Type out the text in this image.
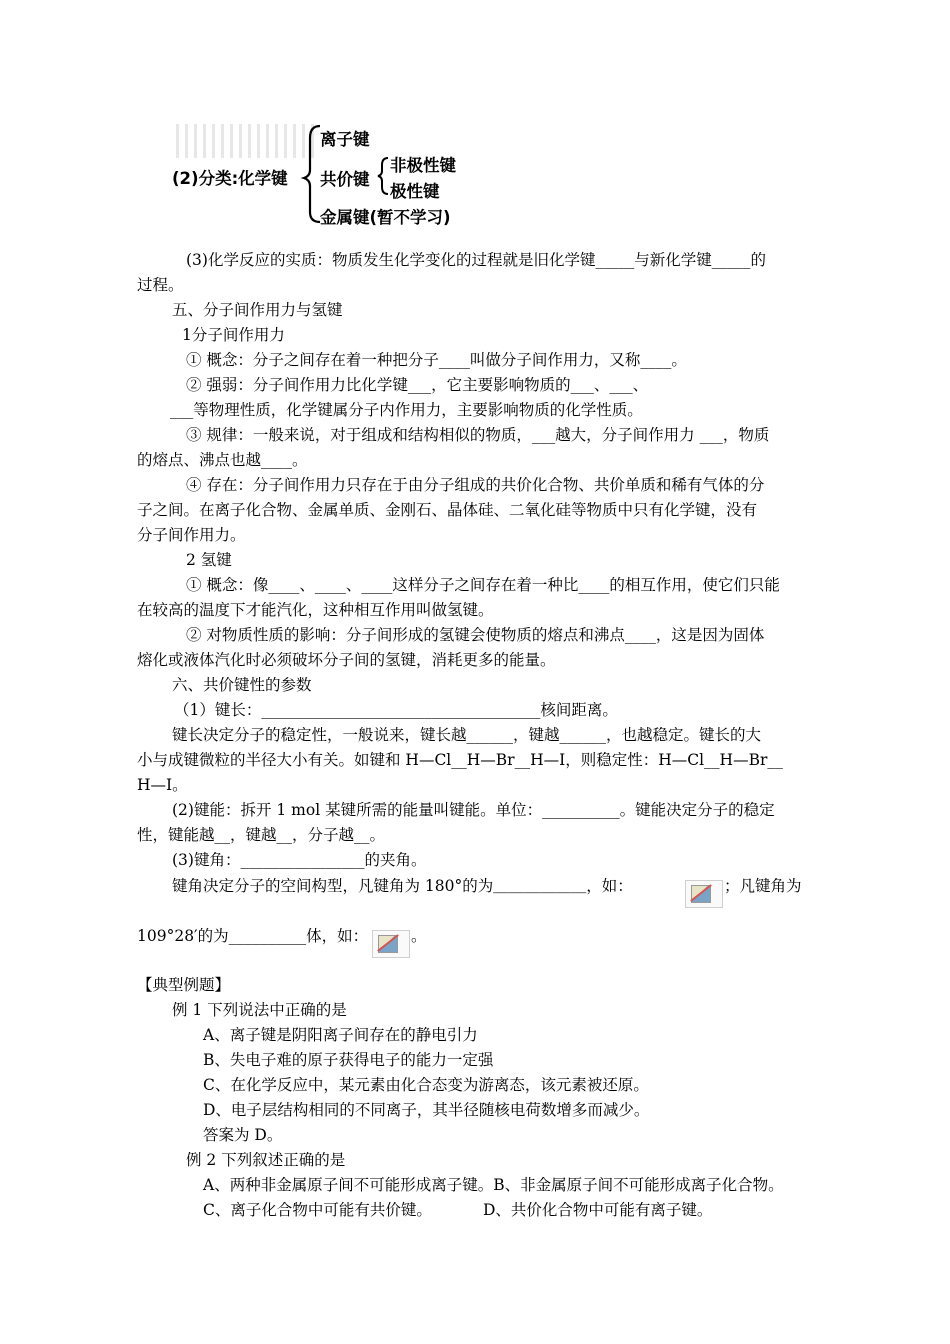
(2)分类:化学键
离子键
共价键
非极性键
极性键
金属键(暂不学习)
(3)化学反应的实质：物质发生化学变化的过程就是旧化学键_____与新化学键_____的
过程。
五、分子间作用力与氢键
1分子间作用力
① 概念：分子之间存在着一种把分子____叫做分子间作用力，又称____。
② 强弱：分子间作用力比化学键___，它主要影响物质的___、___、
___等物理性质，化学键属分子内作用力，主要影响物质的化学性质。
③ 规律：一般来说，对于组成和结构相似的物质，___越大，分子间作用力 ___，物质
的熔点、沸点也越____。
④ 存在：分子间作用力只存在于由分子组成的共价化合物、共价单质和稀有气体的分
子之间。在离子化合物、金属单质、金刚石、晶体硅、二氧化硅等物质中只有化学键，没有
分子间作用力。
2 氢键
① 概念：像____、____、____这样分子之间存在着一种比____的相互作用，使它们只能
在较高的温度下才能汽化，这种相互作用叫做氢键。
② 对物质性质的影响：分子间形成的氢键会使物质的熔点和沸点____，这是因为固体
熔化或液体汽化时必须破坏分子间的氢键，消耗更多的能量。
六、共价键性的参数
（1）键长：____________________________________核间距离。
键长决定分子的稳定性，一般说来，键长越______，键越______，也越稳定。键长的大
小与成键微粒的半径大小有关。如键和 H—Cl__H—Br__H—I，则稳定性：H—Cl__H—Br__
H—I。
(2)键能：拆开 1 mol 某键所需的能量叫键能。单位：__________。键能决定分子的稳定
性，键能越__，键越__，分子越__。
(3)键角：________________的夹角。
键角决定分子的空间构型，凡键角为 180°的为＿＿＿＿＿＿，如：	；凡键角为
109°28′的为__________体，如：	。
【典型例题】
例 1 下列说法中正确的是
A、离子键是阴阳离子间存在的静电引力
B、失电子难的原子获得电子的能力一定强
C、在化学反应中，某元素由化合态变为游离态，该元素被还原。
D、电子层结构相同的不同离子，其半径随核电荷数增多而减少。
答案为 D。
例 2 下列叙述正确的是
A、两种非金属原子间不可能形成离子键。B、非金属原子间不可能形成离子化合物。
C、离子化合物中可能有共价键。	D、共价化合物中可能有离子键。
